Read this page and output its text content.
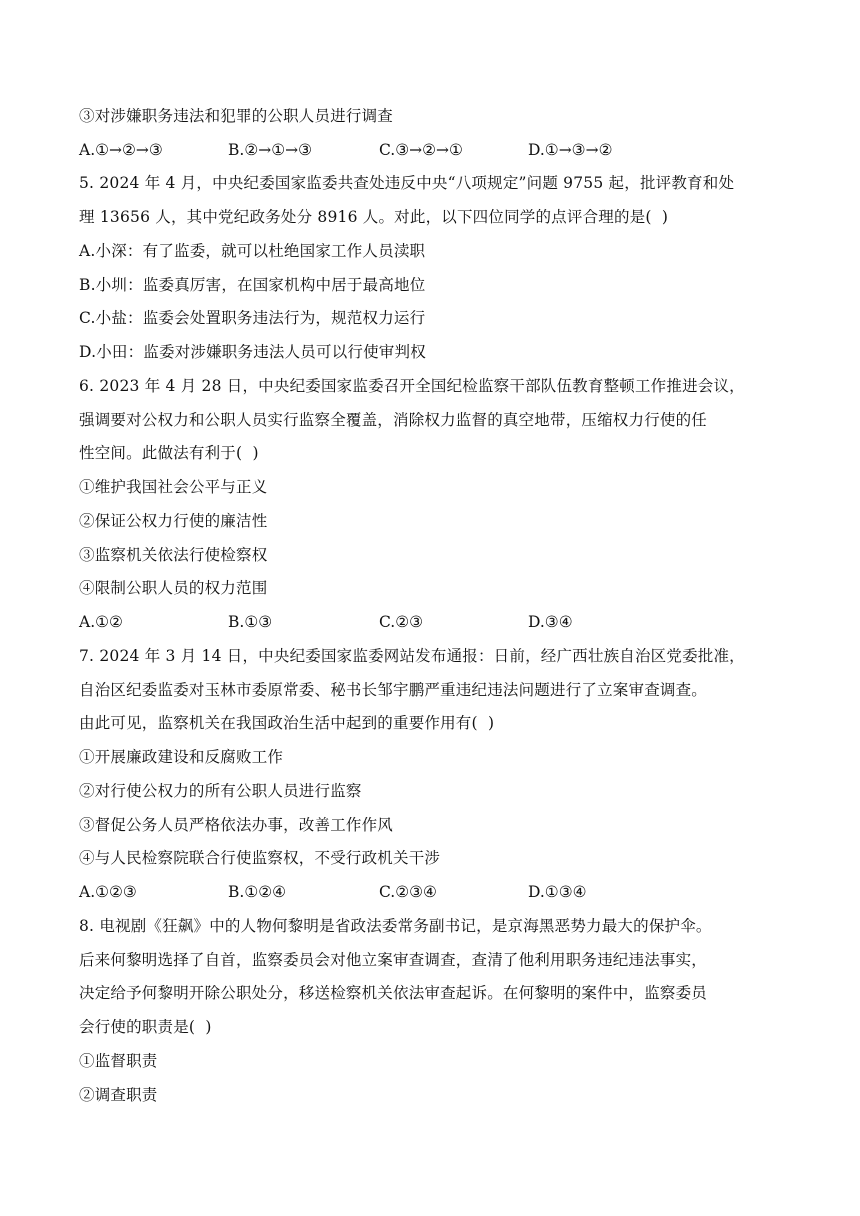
③对涉嫌职务违法和犯罪的公职人员进行调查
A.①→②→③	B.②→①→③	C.③→②→①	D.①→③→②
5. 2024 年 4 月，中央纪委国家监委共查处违反中央“八项规定”问题 9755 起，批评教育和处
理 13656 人，其中党纪政务处分 8916 人。对此，以下四位同学的点评合理的是(  )
A.小深：有了监委，就可以杜绝国家工作人员渎职
B.小圳：监委真厉害，在国家机构中居于最高地位
C.小盐：监委会处置职务违法行为，规范权力运行
D.小田：监委对涉嫌职务违法人员可以行使审判权
6. 2023 年 4 月 28 日，中央纪委国家监委召开全国纪检监察干部队伍教育整顿工作推进会议，
强调要对公权力和公职人员实行监察全覆盖，消除权力监督的真空地带，压缩权力行使的任
性空间。此做法有利于(  )
①维护我国社会公平与正义
②保证公权力行使的廉洁性
③监察机关依法行使检察权
④限制公职人员的权力范围
A.①②	B.①③	C.②③	D.③④
7. 2024 年 3 月 14 日，中央纪委国家监委网站发布通报：日前，经广西壮族自治区党委批准，
自治区纪委监委对玉林市委原常委、秘书长邹宇鹏严重违纪违法问题进行了立案审查调查。
由此可见，监察机关在我国政治生活中起到的重要作用有(  )
①开展廉政建设和反腐败工作
②对行使公权力的所有公职人员进行监察
③督促公务人员严格依法办事，改善工作作风
④与人民检察院联合行使监察权，不受行政机关干涉
A.①②③	B.①②④	C.②③④	D.①③④
8. 电视剧《狂飙》中的人物何黎明是省政法委常务副书记，是京海黑恶势力最大的保护伞。
后来何黎明选择了自首，监察委员会对他立案审查调查，查清了他利用职务违纪违法事实，
决定给予何黎明开除公职处分，移送检察机关依法审查起诉。在何黎明的案件中，监察委员
会行使的职责是(  )
①监督职责
②调查职责
